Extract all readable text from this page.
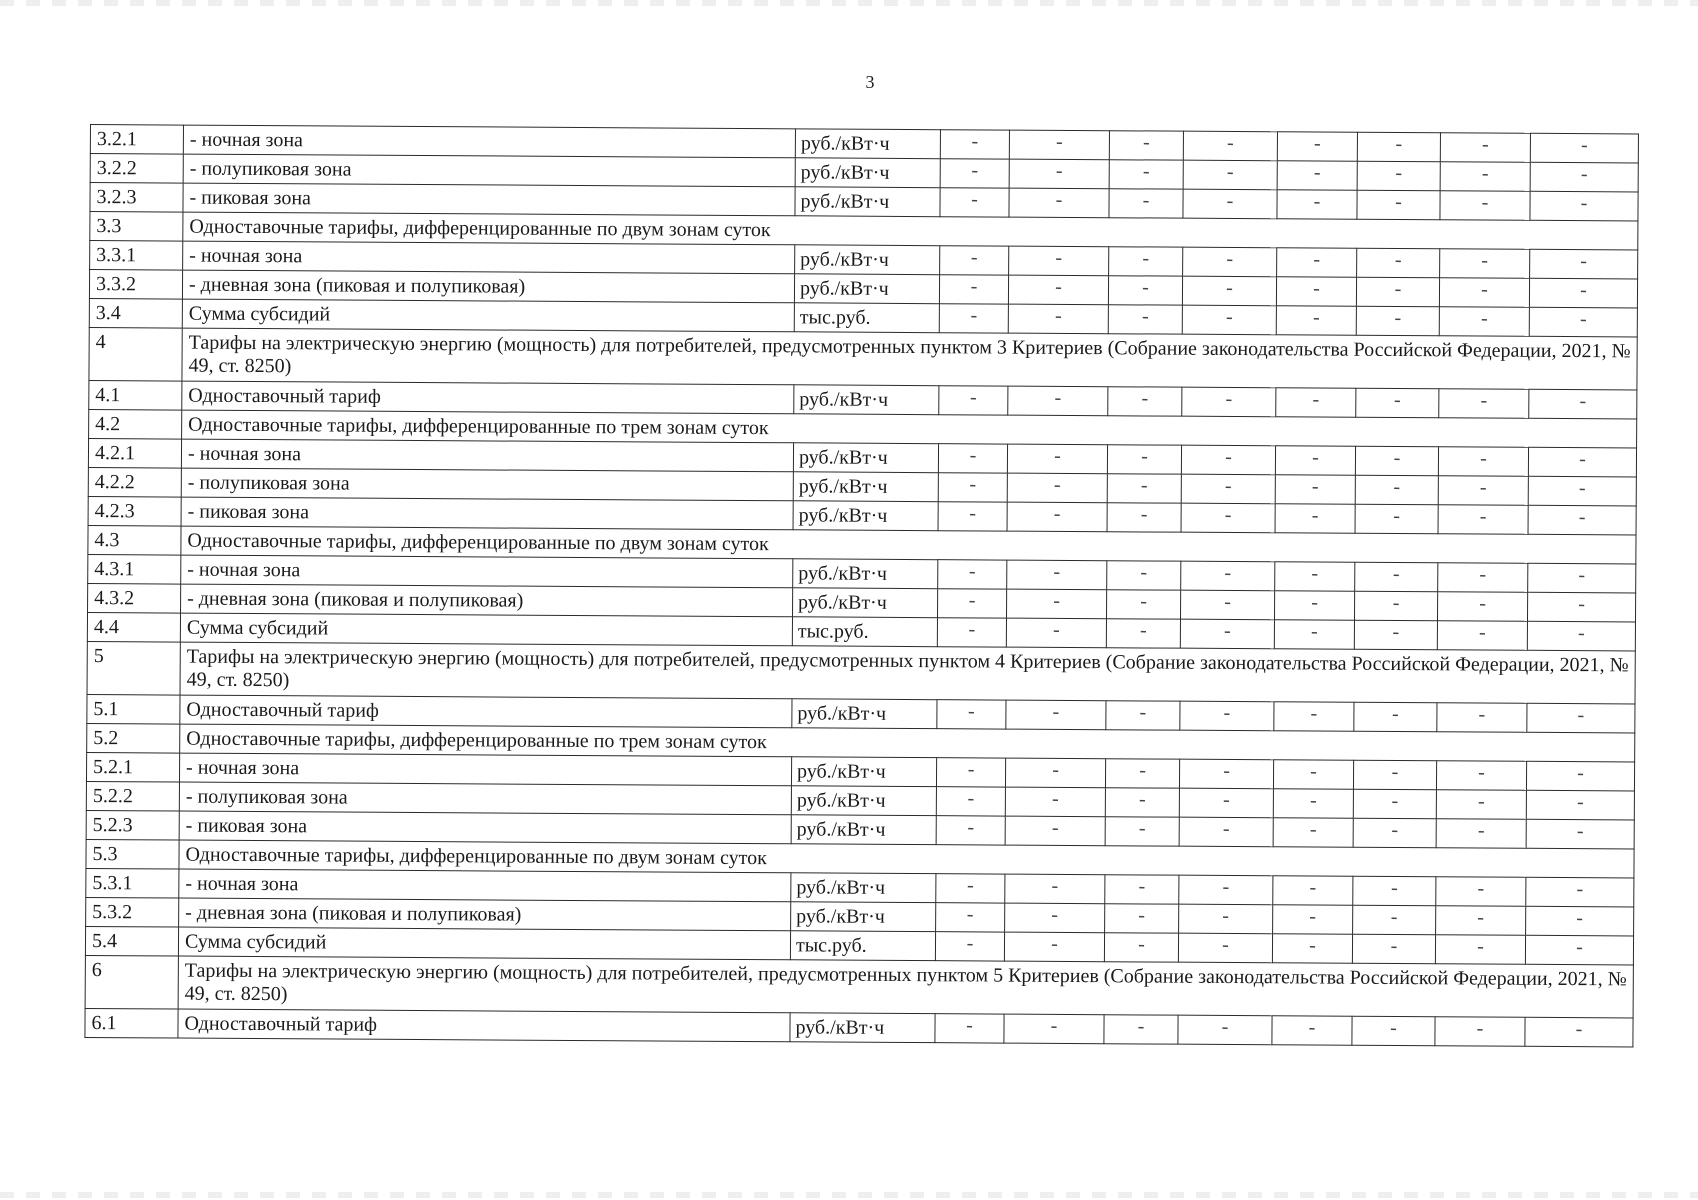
3
3.2.1	- ночная зона	руб./кВт·ч	-	-	-	-	-	-	-	-
3.2.2	- полупиковая зона	руб./кВт·ч	-	-	-	-	-	-	-	-
3.2.3	- пиковая зона	руб./кВт·ч	-	-	-	-	-	-	-	-
3.3	Одноставочные тарифы, дифференцированные по двум зонам суток									
3.3.1	- ночная зона	руб./кВт·ч	-	-	-	-	-	-	-	-
3.3.2	- дневная зона (пиковая и полупиковая)	руб./кВт·ч	-	-	-	-	-	-	-	-
3.4	Сумма субсидий	тыс.руб.	-	-	-	-	-	-	-	-
4	Тарифы на электрическую энергию (мощность) для потребителей, предусмотренных пунктом 3 Критериев (Собрание законодательства Российской Федерации, 2021, № 49, ст. 8250)									
4.1	Одноставочный тариф	руб./кВт·ч	-	-	-	-	-	-	-	-
4.2	Одноставочные тарифы, дифференцированные по трем зонам суток									
4.2.1	- ночная зона	руб./кВт·ч	-	-	-	-	-	-	-	-
4.2.2	- полупиковая зона	руб./кВт·ч	-	-	-	-	-	-	-	-
4.2.3	- пиковая зона	руб./кВт·ч	-	-	-	-	-	-	-	-
4.3	Одноставочные тарифы, дифференцированные по двум зонам суток									
4.3.1	- ночная зона	руб./кВт·ч	-	-	-	-	-	-	-	-
4.3.2	- дневная зона (пиковая и полупиковая)	руб./кВт·ч	-	-	-	-	-	-	-	-
4.4	Сумма субсидий	тыс.руб.	-	-	-	-	-	-	-	-
5	Тарифы на электрическую энергию (мощность) для потребителей, предусмотренных пунктом 4 Критериев (Собрание законодательства Российской Федерации, 2021, № 49, ст. 8250)									
5.1	Одноставочный тариф	руб./кВт·ч	-	-	-	-	-	-	-	-
5.2	Одноставочные тарифы, дифференцированные по трем зонам суток									
5.2.1	- ночная зона	руб./кВт·ч	-	-	-	-	-	-	-	-
5.2.2	- полупиковая зона	руб./кВт·ч	-	-	-	-	-	-	-	-
5.2.3	- пиковая зона	руб./кВт·ч	-	-	-	-	-	-	-	-
5.3	Одноставочные тарифы, дифференцированные по двум зонам суток									
5.3.1	- ночная зона	руб./кВт·ч	-	-	-	-	-	-	-	-
5.3.2	- дневная зона (пиковая и полупиковая)	руб./кВт·ч	-	-	-	-	-	-	-	-
5.4	Сумма субсидий	тыс.руб.	-	-	-	-	-	-	-	-
6	Тарифы на электрическую энергию (мощность) для потребителей, предусмотренных пунктом 5 Критериев (Собрание законодательства Российской Федерации, 2021, № 49, ст. 8250)									
6.1	Одноставочный тариф	руб./кВт·ч	-	-	-	-	-	-	-	-
